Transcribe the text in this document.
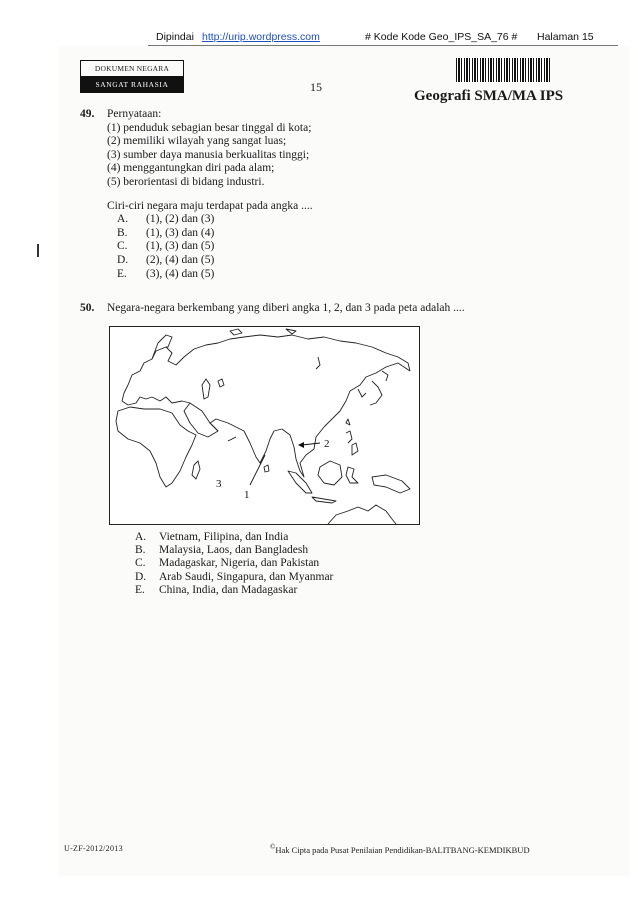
Dipindai http://urip.wordpress.com	# Kode Kode Geo_IPS_SA_76 # Halaman 15
DOKUMEN NEGARA
SANGAT RAHASIA	15
Geografi SMA/MA IPS
49. Pernyataan:
(1) penduduk sebagian besar tinggal di kota;
(2) memiliki wilayah yang sangat luas;
(3) sumber daya manusia berkualitas tinggi;
(4) menggantungkan diri pada alam;
(5) berorientasi di bidang industri.
Ciri-ciri negara maju terdapat pada angka ....
A. (1), (2) dan (3)
B. (1), (3) dan (4)
C. (1), (3) dan (5)
D. (2), (4) dan (5)
E. (3), (4) dan (5)
50. Negara-negara berkembang yang diberi angka 1, 2, dan 3 pada peta adalah ....
1
2
3
A. Vietnam, Filipina, dan India
B. Malaysia, Laos, dan Bangladesh
C. Madagaskar, Nigeria, dan Pakistan
D. Arab Saudi, Singapura, dan Myanmar
E. China, India, dan Madagaskar
U-ZF-2012/2013	©Hak Cipta pada Pusat Penilaian Pendidikan-BALITBANG-KEMDIKBUD
